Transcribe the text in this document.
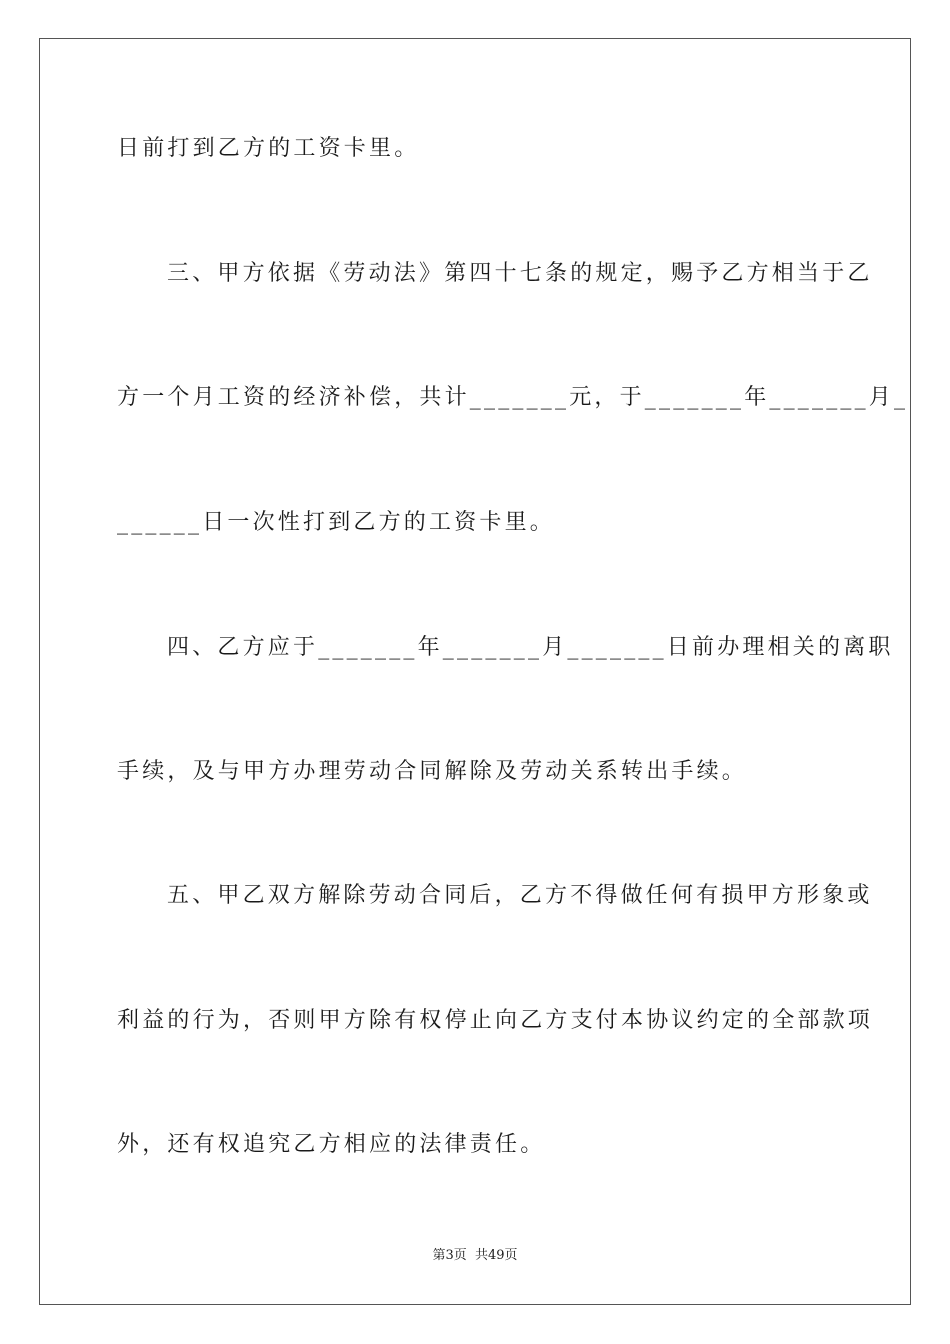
日前打到乙方的工资卡里。
三、甲方依据《劳动法》第四十七条的规定，赐予乙方相当于乙
方一个月工资的经济补偿，共计_______元，于_______年_______月_
______日一次性打到乙方的工资卡里。
四、乙方应于_______年_______月_______日前办理相关的离职
手续，及与甲方办理劳动合同解除及劳动关系转出手续。
五、甲乙双方解除劳动合同后，乙方不得做任何有损甲方形象或
利益的行为，否则甲方除有权停止向乙方支付本协议约定的全部款项
外，还有权追究乙方相应的法律责任。
第3页 共49页
